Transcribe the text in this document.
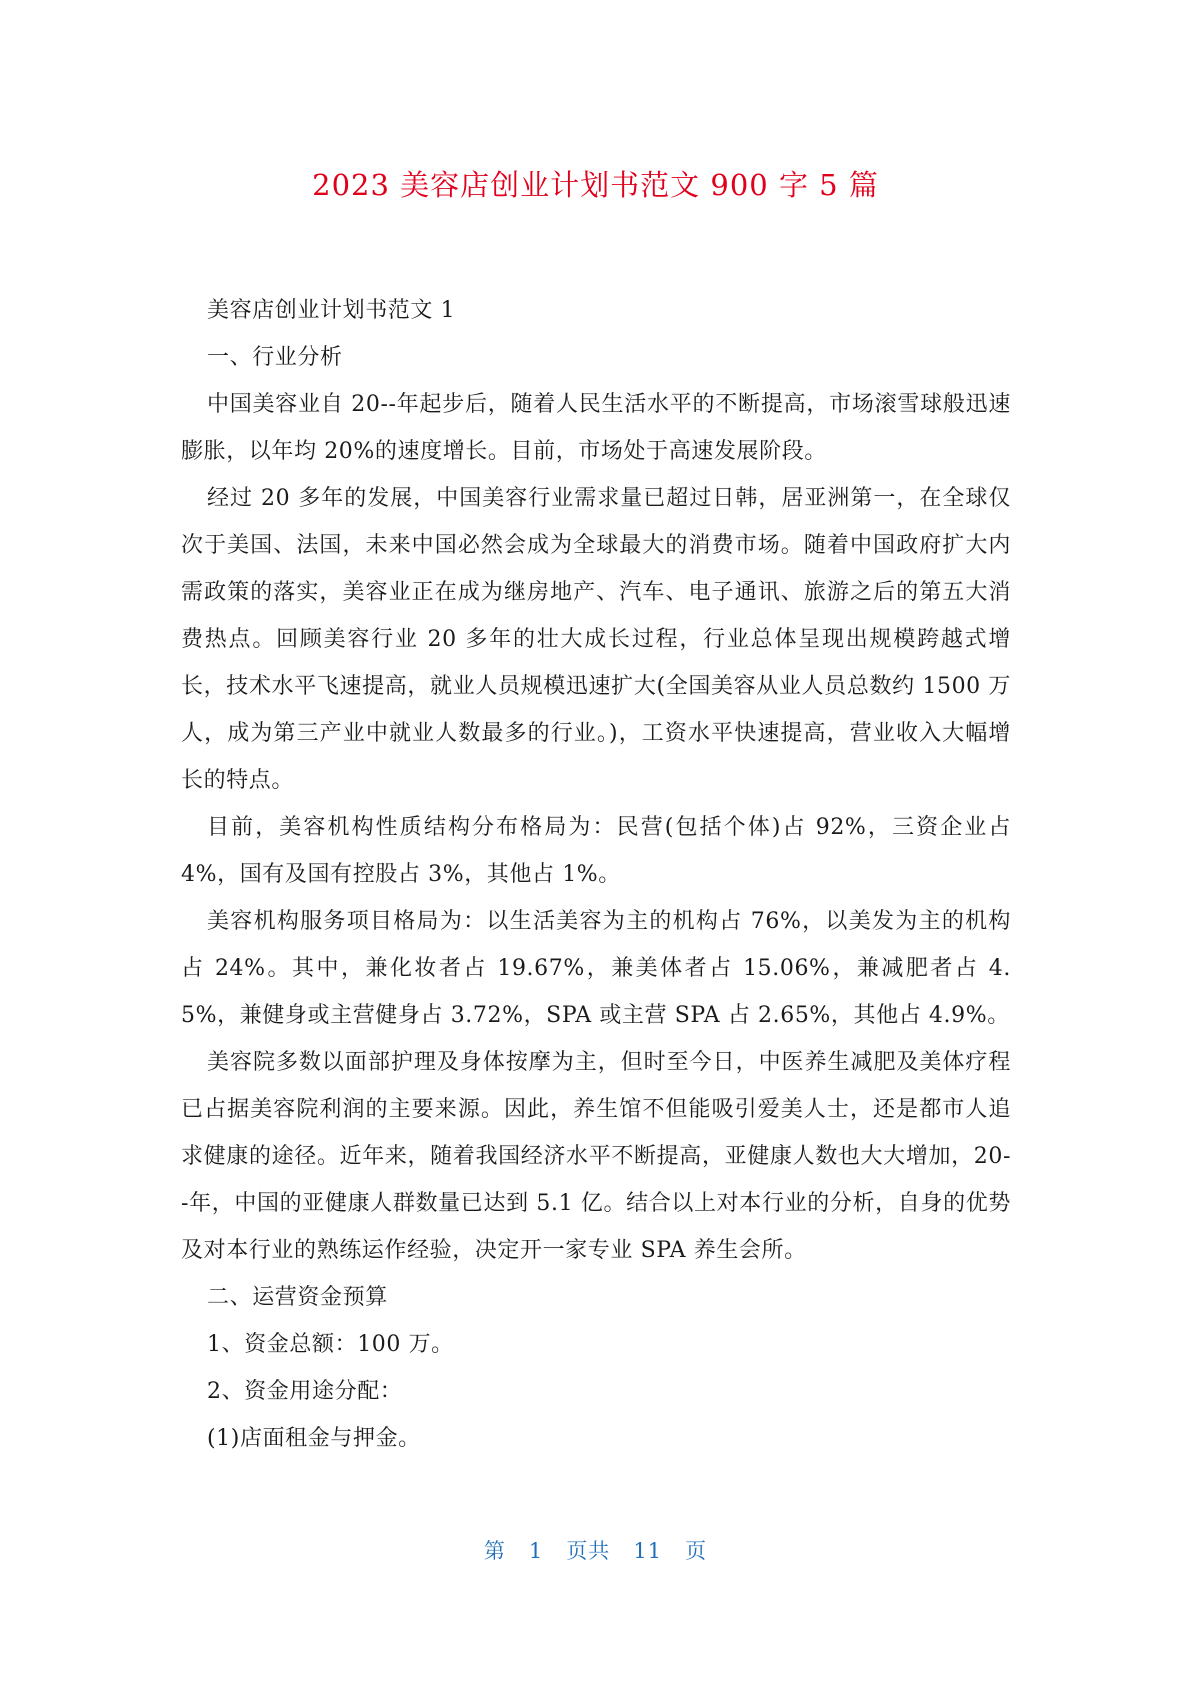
2023 美容店创业计划书范文 900 字 5 篇

美容店创业计划书范文 1

一、行业分析

中国美容业自 20--年起步后，随着人民生活水平的不断提高，市场滚雪球般迅速膨胀，以年均 20%的速度增长。目前，市场处于高速发展阶段。

经过 20 多年的发展，中国美容行业需求量已超过日韩，居亚洲第一，在全球仅次于美国、法国，未来中国必然会成为全球最大的消费市场。随着中国政府扩大内需政策的落实，美容业正在成为继房地产、汽车、电子通讯、旅游之后的第五大消费热点。回顾美容行业 20 多年的壮大成长过程，行业总体呈现出规模跨越式增长，技术水平飞速提高，就业人员规模迅速扩大(全国美容从业人员总数约 1500 万人，成为第三产业中就业人数最多的行业。)，工资水平快速提高，营业收入大幅增长的特点。

目前，美容机构性质结构分布格局为：民营(包括个体)占 92%，三资企业占 4%，国有及国有控股占 3%，其他占 1%。

美容机构服务项目格局为：以生活美容为主的机构占 76%，以美发为主的机构占 24%。其中，兼化妆者占 19.67%，兼美体者占 15.06%，兼减肥者占 4.5%，兼健身或主营健身占 3.72%，SPA 或主营 SPA 占 2.65%，其他占 4.9%。

美容院多数以面部护理及身体按摩为主，但时至今日，中医养生减肥及美体疗程已占据美容院利润的主要来源。因此，养生馆不但能吸引爱美人士，还是都市人追求健康的途径。近年来，随着我国经济水平不断提高，亚健康人数也大大增加，20--年，中国的亚健康人群数量已达到 5.1 亿。结合以上对本行业的分析，自身的优势及对本行业的熟练运作经验，决定开一家专业 SPA 养生会所。

二、运营资金预算

1、资金总额：100 万。

2、资金用途分配：

(1)店面租金与押金。

第 1 页共 11 页
